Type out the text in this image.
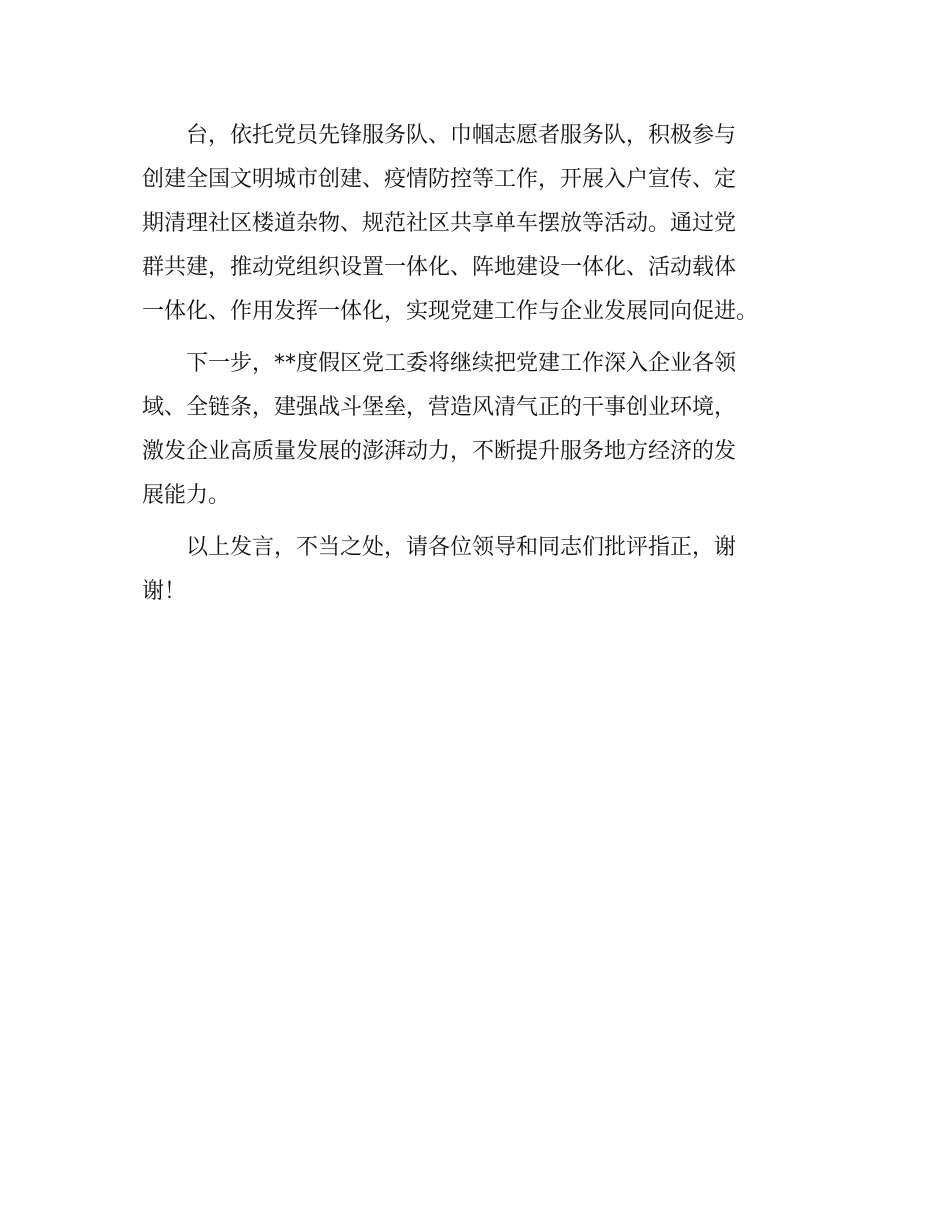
　　台，依托党员先锋服务队、巾帼志愿者服务队，积极参与
创建全国文明城市创建、疫情防控等工作，开展入户宣传、定
期清理社区楼道杂物、规范社区共享单车摆放等活动。通过党
群共建，推动党组织设置一体化、阵地建设一体化、活动载体
一体化、作用发挥一体化，实现党建工作与企业发展同向促进。
　　下一步，**度假区党工委将继续把党建工作深入企业各领
域、全链条，建强战斗堡垒，营造风清气正的干事创业环境，
激发企业高质量发展的澎湃动力，不断提升服务地方经济的发
展能力。
　　以上发言，不当之处，请各位领导和同志们批评指正，谢
谢！
